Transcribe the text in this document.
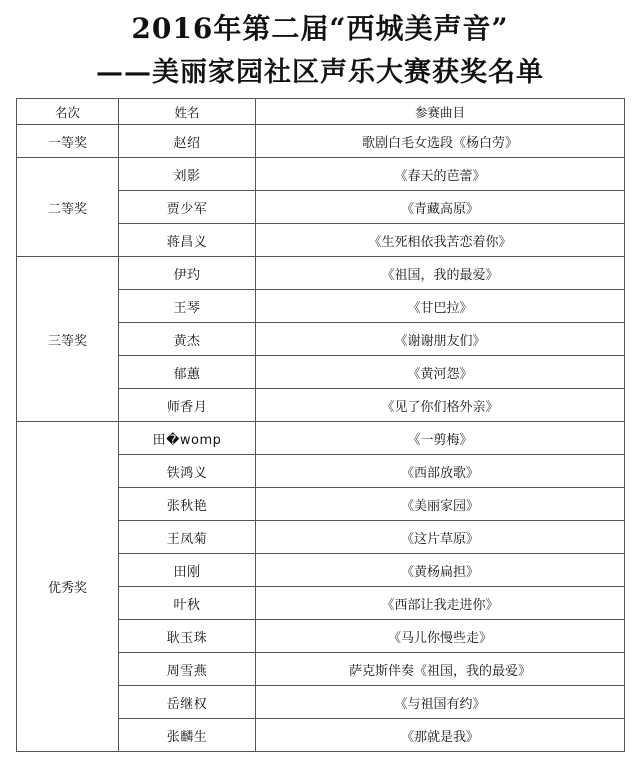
2016年第二届“西城美声音”
——美丽家园社区声乐大赛获奖名单
名次	姓名	参赛曲目
一等奖	赵绍	歌剧白毛女选段《杨白劳》
二等奖	刘影	《春天的芭蕾》
	贾少军	《青藏高原》
	蒋昌义	《生死相依我苦恋着你》
三等奖	伊玓	《祖国，我的最爱》
	王琴	《甘巴拉》
	黄杰	《谢谢朋友们》
	郁蕙	《黄河怨》
	师香月	《见了你们格外亲》
优秀奖	田�womp	《一剪梅》
	铁鸿义	《西部放歌》
	张秋艳	《美丽家园》
	王凤菊	《这片草原》
	田刚	《黄杨扁担》
	叶秋	《西部让我走进你》
	耿玉珠	《马儿你慢些走》
	周雪燕	萨克斯伴奏《祖国，我的最爱》
	岳继权	《与祖国有约》
	张麟生	《那就是我》
